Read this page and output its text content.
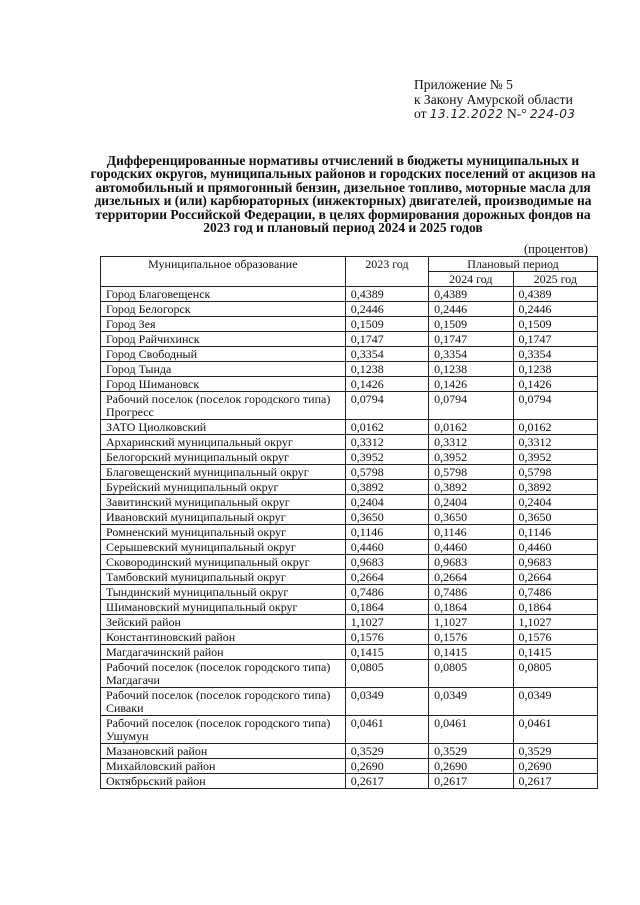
Приложение № 5
к Закону Амурской области
от 13.12.2022 N-° 224-03
Дифференцированные нормативы отчислений в бюджеты муниципальных и городских округов, муниципальных районов и городских поселений от акцизов на автомобильный и прямогонный бензин, дизельное топливо, моторные масла для дизельных и (или) карбюраторных (инжекторных) двигателей, производимые на территории Российской Федерации, в целях формирования дорожных фондов на 2023 год и плановый период 2024 и 2025 годов
(процентов)
Муниципальное образование	2023 год	Плановый период	
		2024 год	2025 год
Город Благовещенск	0,4389	0,4389	0,4389
Город Белогорск	0,2446	0,2446	0,2446
Город Зея	0,1509	0,1509	0,1509
Город Райчихинск	0,1747	0,1747	0,1747
Город Свободный	0,3354	0,3354	0,3354
Город Тында	0,1238	0,1238	0,1238
Город Шимановск	0,1426	0,1426	0,1426
Рабочий поселок (поселок городского типа) Прогресс	0,0794	0,0794	0,0794
ЗАТО Циолковский	0,0162	0,0162	0,0162
Архаринский муниципальный округ	0,3312	0,3312	0,3312
Белогорский муниципальный округ	0,3952	0,3952	0,3952
Благовещенский муниципальный округ	0,5798	0,5798	0,5798
Бурейский муниципальный округ	0,3892	0,3892	0,3892
Завитинский муниципальный округ	0,2404	0,2404	0,2404
Ивановский муниципальный округ	0,3650	0,3650	0,3650
Ромненский муниципальный округ	0,1146	0,1146	0,1146
Серышевский муниципальный округ	0,4460	0,4460	0,4460
Сковородинский муниципальный округ	0,9683	0,9683	0,9683
Тамбовский муниципальный округ	0,2664	0,2664	0,2664
Тындинский муниципальный округ	0,7486	0,7486	0,7486
Шимановский муниципальный округ	0,1864	0,1864	0,1864
Зейский район	1,1027	1,1027	1,1027
Константиновский район	0,1576	0,1576	0,1576
Магдагачинский район	0,1415	0,1415	0,1415
Рабочий поселок (поселок городского типа) Магдагачи	0,0805	0,0805	0,0805
Рабочий поселок (поселок городского типа) Сиваки	0,0349	0,0349	0,0349
Рабочий поселок (поселок городского типа) Ушумун	0,0461	0,0461	0,0461
Мазановский район	0,3529	0,3529	0,3529
Михайловский район	0,2690	0,2690	0,2690
Октябрьский район	0,2617	0,2617	0,2617
